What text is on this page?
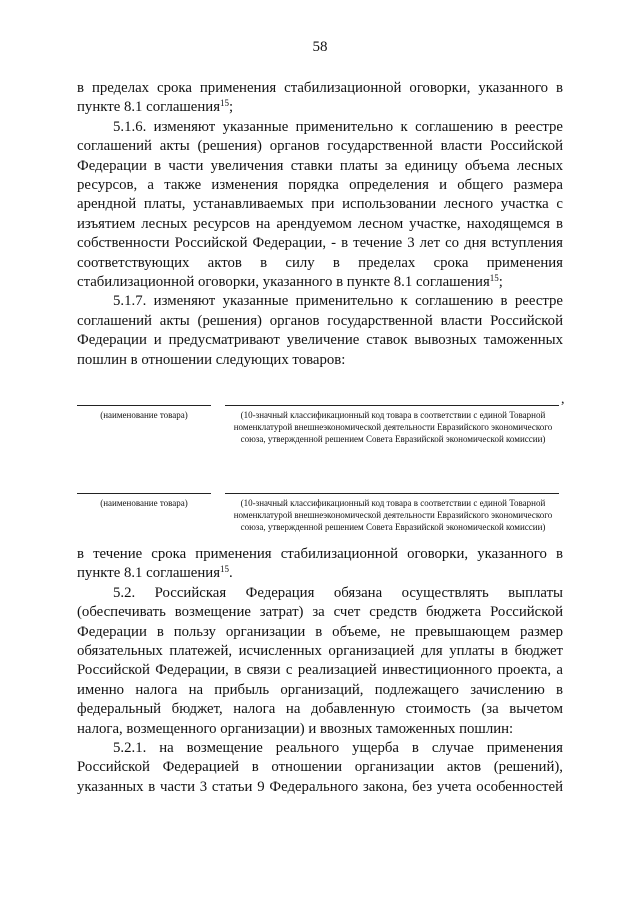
58

в пределах срока применения стабилизационной оговорки, указанного в пункте 8.1 соглашения$^{15}$;

5.1.6. изменяют указанные применительно к соглашению в реестре соглашений акты (решения) органов государственной власти Российской Федерации в части увеличения ставки платы за единицу объема лесных ресурсов, а также изменения порядка определения и общего размера арендной платы, устанавливаемых при использовании лесного участка с изъятием лесных ресурсов на арендуемом лесном участке, находящемся в собственности Российской Федерации, - в течение 3 лет со дня вступления соответствующих актов в силу в пределах срока применения стабилизационной оговорки, указанного в пункте 8.1 соглашения$^{15}$;

5.1.7. изменяют указанные применительно к соглашению в реестре соглашений акты (решения) органов государственной власти Российской Федерации и предусматривают увеличение ставок вывозных таможенных пошлин в отношении следующих товаров:

,
(наименование товара)	(10-значный классификационный код товара в соответствии с единой Товарной номенклатурой внешнеэкономической деятельности Евразийского экономического союза, утвержденной решением Совета Евразийской экономической комиссии)
(наименование товара)	(10-значный классификационный код товара в соответствии с единой Товарной номенклатурой внешнеэкономической деятельности Евразийского экономического союза, утвержденной решением Совета Евразийской экономической комиссии)

в течение срока применения стабилизационной оговорки, указанного в пункте 8.1 соглашения$^{15}$.

5.2. Российская Федерация обязана осуществлять выплаты (обеспечивать возмещение затрат) за счет средств бюджета Российской Федерации в пользу организации в объеме, не превышающем размер обязательных платежей, исчисленных организацией для уплаты в бюджет Российской Федерации, в связи с реализацией инвестиционного проекта, а именно налога на прибыль организаций, подлежащего зачислению в федеральный бюджет, налога на добавленную стоимость (за вычетом налога, возмещенного организации) и ввозных таможенных пошлин:

5.2.1. на возмещение реального ущерба в случае применения Российской Федерацией в отношении организации актов (решений), указанных в части 3 статьи 9 Федерального закона, без учета особенностей
